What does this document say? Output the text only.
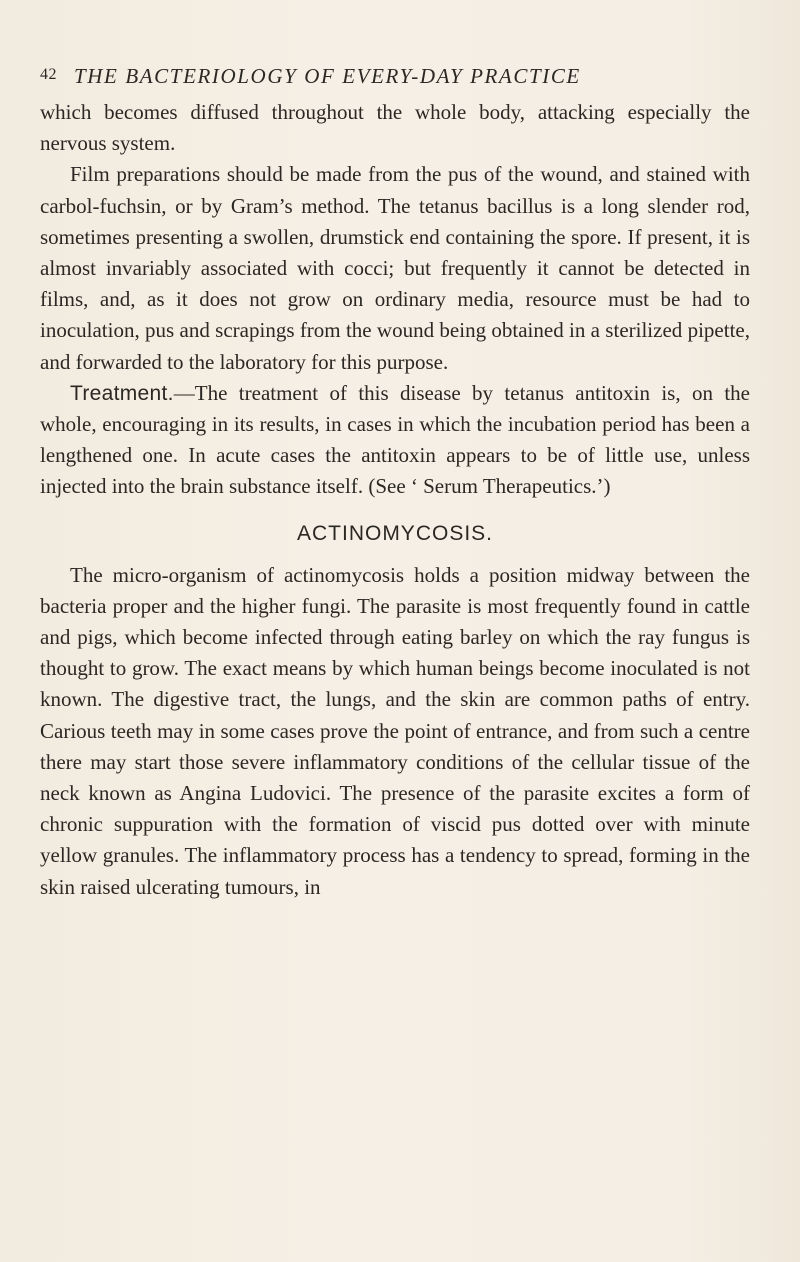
42 THE BACTERIOLOGY OF EVERY-DAY PRACTICE

which becomes diffused throughout the whole body, attacking especially the nervous system.

Film preparations should be made from the pus of the wound, and stained with carbol-fuchsin, or by Gram’s method. The tetanus bacillus is a long slender rod, sometimes presenting a swollen, drumstick end containing the spore. If present, it is almost invariably associated with cocci; but frequently it cannot be detected in films, and, as it does not grow on ordinary media, resource must be had to inoculation, pus and scrapings from the wound being obtained in a sterilized pipette, and forwarded to the laboratory for this purpose.

Treatment.—The treatment of this disease by tetanus antitoxin is, on the whole, encouraging in its results, in cases in which the incubation period has been a lengthened one. In acute cases the antitoxin appears to be of little use, unless injected into the brain substance itself. (See ‘ Serum Therapeutics.’)

ACTINOMYCOSIS.

The micro-organism of actinomycosis holds a position midway between the bacteria proper and the higher fungi. The parasite is most frequently found in cattle and pigs, which become infected through eating barley on which the ray fungus is thought to grow. The exact means by which human beings become inoculated is not known. The digestive tract, the lungs, and the skin are common paths of entry. Carious teeth may in some cases prove the point of entrance, and from such a centre there may start those severe inflammatory conditions of the cellular tissue of the neck known as Angina Ludovici. The presence of the parasite excites a form of chronic suppuration with the formation of viscid pus dotted over with minute yellow granules. The inflammatory process has a tendency to spread, forming in the skin raised ulcerating tumours, in
